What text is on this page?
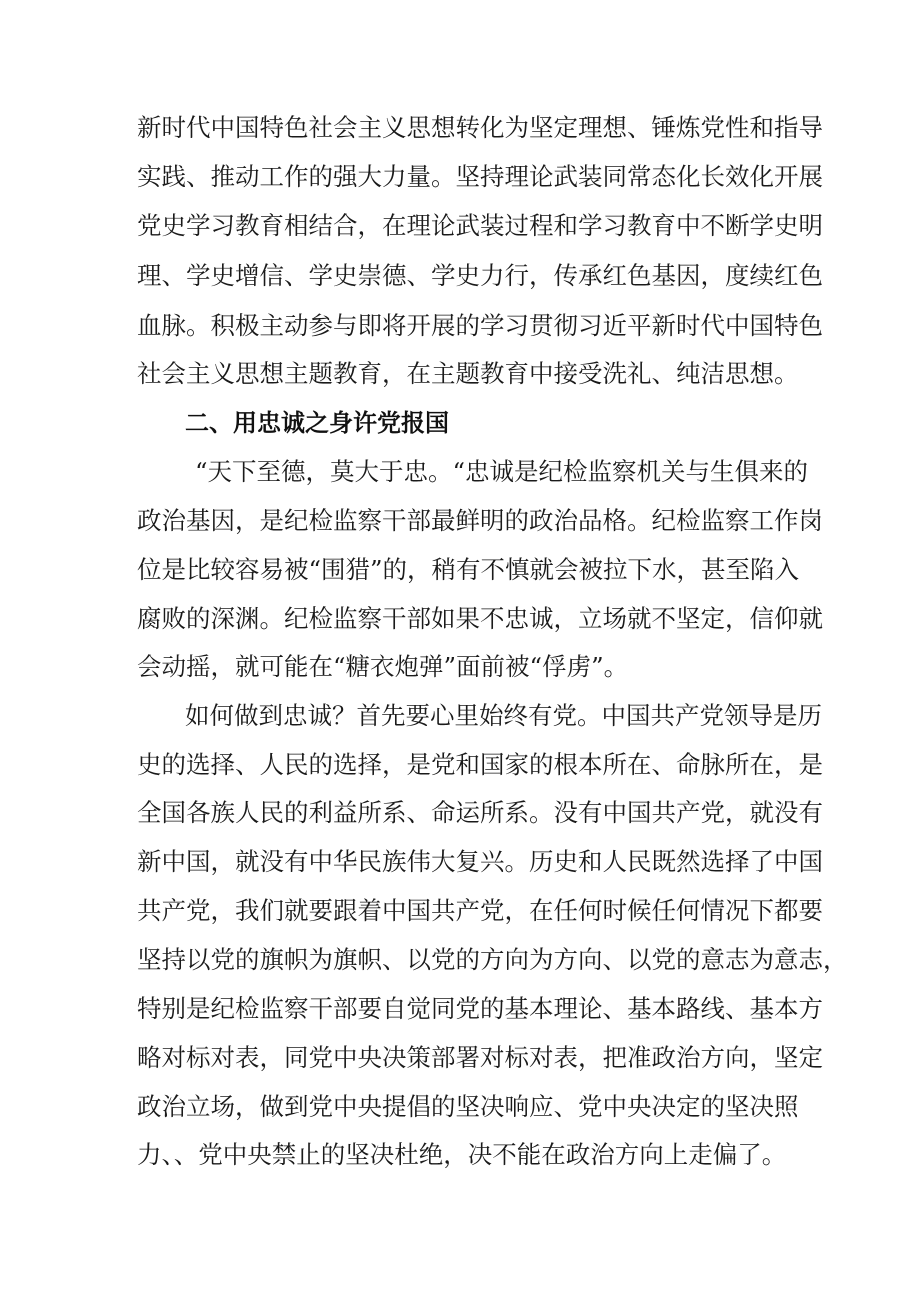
新时代中国特色社会主义思想转化为坚定理想、锤炼党性和指导
实践、推动工作的强大力量。坚持理论武装同常态化长效化开展
党史学习教育相结合，在理论武装过程和学习教育中不断学史明
理、学史增信、学史崇德、学史力行，传承红色基因，度续红色
血脉。积极主动参与即将开展的学习贯彻习近平新时代中国特色
社会主义思想主题教育，在主题教育中接受洗礼、纯洁思想。
二、用忠诚之身许党报国
“天下至德，莫大于忠。“忠诚是纪检监察机关与生俱来的
政治基因，是纪检监察干部最鲜明的政治品格。纪检监察工作岗
位是比较容易被“围猎”的，稍有不慎就会被拉下水，甚至陷入
腐败的深渊。纪检监察干部如果不忠诚，立场就不坚定，信仰就
会动摇，就可能在“糖衣炮弹”面前被“俘虏”。
如何做到忠诚？首先要心里始终有党。中国共产党领导是历
史的选择、人民的选择，是党和国家的根本所在、命脉所在，是
全国各族人民的利益所系、命运所系。没有中国共产党，就没有
新中国，就没有中华民族伟大复兴。历史和人民既然选择了中国
共产党，我们就要跟着中国共产党，在任何时候任何情况下都要
坚持以党的旗帜为旗帜、以党的方向为方向、以党的意志为意志，
特别是纪检监察干部要自觉同党的基本理论、基本路线、基本方
略对标对表，同党中央决策部署对标对表，把准政治方向，坚定
政治立场，做到党中央提倡的坚决响应、党中央决定的坚决照
力、、党中央禁止的坚决杜绝，决不能在政治方向上走偏了。
